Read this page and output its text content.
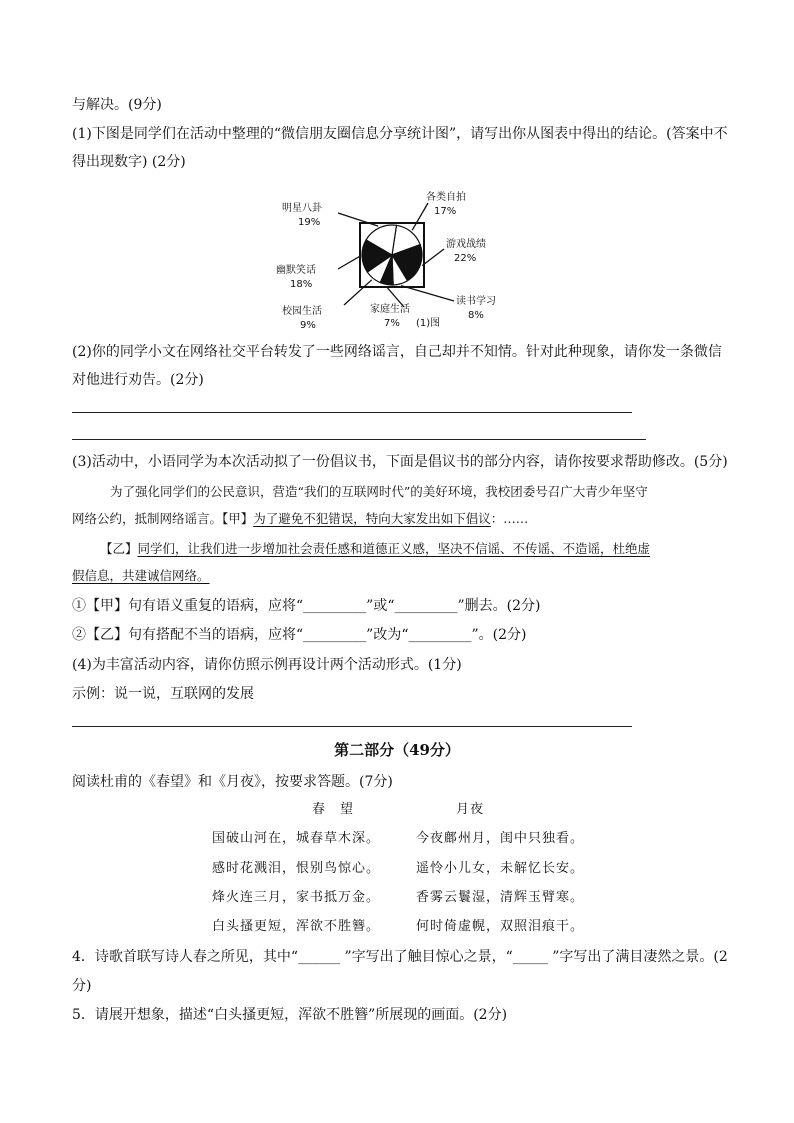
与解决。(9分)
(1)下图是同学们在活动中整理的“微信朋友圈信息分享统计图”，请写出你从图表中得出的结论。(答案中不
得出现数字) (2分)
各类自拍
17%
游戏战绩
22%
读书学习
8%
家庭生活
7% (1)图
校园生活
9%
幽默笑话
18%
明星八卦
19%
(2)你的同学小文在网络社交平台转发了一些网络谣言，自己却并不知情。针对此种现象，请你发一条微信
对他进行劝告。(2分)
(3)活动中，小语同学为本次活动拟了一份倡议书，下面是倡议书的部分内容，请你按要求帮助修改。(5分)
为了强化同学们的公民意识，营造“我们的互联网时代”的美好环境，我校团委号召广大青少年坚守
网络公约，抵制网络谣言。【甲】为了避免不犯错误，特向大家发出如下倡议：……
【乙】同学们，让我们进一步增加社会责任感和道德正义感，坚决不信谣、不传谣、不造谣，杜绝虚
假信息，共建诚信网络。
①【甲】句有语义重复的语病，应将“_________”或“_________”删去。(2分)
②【乙】句有搭配不当的语病，应将“_________”改为“_________”。(2分)
(4)为丰富活动内容，请你仿照示例再设计两个活动形式。(1分)
示例：说一说，互联网的发展
第二部分（49分）
阅读杜甫的《春望》和《月夜》，按要求答题。(7分)
春　望	月夜
国破山河在，城春草木深。	今夜鄜州月，闺中只独看。
感时花溅泪，恨别鸟惊心。	遥怜小儿女，未解忆长安。
烽火连三月，家书抵万金。	香雾云鬟湿，清辉玉臂寒。
白头搔更短，浑欲不胜簪。	何时倚虚幌，双照泪痕干。
4．诗歌首联写诗人春之所见，其中“______ ”字写出了触目惊心之景，“_____ ”字写出了满目凄然之景。(2
分)
5．请展开想象，描述“白头搔更短，浑欲不胜簪”所展现的画面。(2分)
